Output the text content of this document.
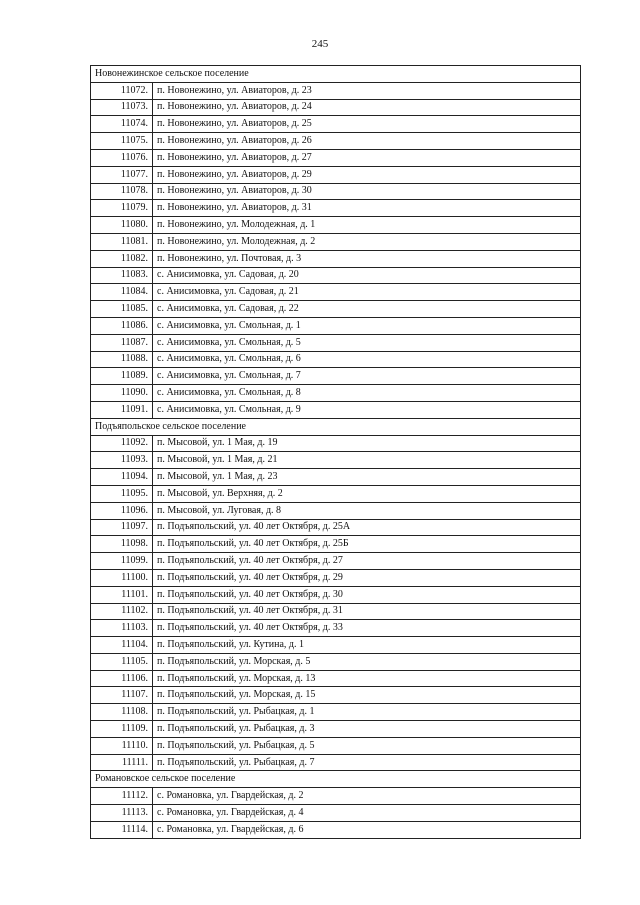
245
Новонежинское сельское поселение	
11072.	п. Новонежино, ул. Авиаторов, д. 23
11073.	п. Новонежино, ул. Авиаторов, д. 24
11074.	п. Новонежино, ул. Авиаторов, д. 25
11075.	п. Новонежино, ул. Авиаторов, д. 26
11076.	п. Новонежино, ул. Авиаторов, д. 27
11077.	п. Новонежино, ул. Авиаторов, д. 29
11078.	п. Новонежино, ул. Авиаторов, д. 30
11079.	п. Новонежино, ул. Авиаторов, д. 31
11080.	п. Новонежино, ул. Молодежная, д. 1
11081.	п. Новонежино, ул. Молодежная, д. 2
11082.	п. Новонежино, ул. Почтовая, д. 3
11083.	с. Анисимовка, ул. Садовая, д. 20
11084.	с. Анисимовка, ул. Садовая, д. 21
11085.	с. Анисимовка, ул. Садовая, д. 22
11086.	с. Анисимовка, ул. Смольная, д. 1
11087.	с. Анисимовка, ул. Смольная, д. 5
11088.	с. Анисимовка, ул. Смольная, д. 6
11089.	с. Анисимовка, ул. Смольная, д. 7
11090.	с. Анисимовка, ул. Смольная, д. 8
11091.	с. Анисимовка, ул. Смольная, д. 9
Подъяпольское сельское поселение	
11092.	п. Мысовой, ул. 1 Мая, д. 19
11093.	п. Мысовой, ул. 1 Мая, д. 21
11094.	п. Мысовой, ул. 1 Мая, д. 23
11095.	п. Мысовой, ул. Верхняя, д. 2
11096.	п. Мысовой, ул. Луговая, д. 8
11097.	п. Подъяпольский, ул. 40 лет Октября, д. 25А
11098.	п. Подъяпольский, ул. 40 лет Октября, д. 25Б
11099.	п. Подъяпольский, ул. 40 лет Октября, д. 27
11100.	п. Подъяпольский, ул. 40 лет Октября, д. 29
11101.	п. Подъяпольский, ул. 40 лет Октября, д. 30
11102.	п. Подъяпольский, ул. 40 лет Октября, д. 31
11103.	п. Подъяпольский, ул. 40 лет Октября, д. 33
11104.	п. Подъяпольский, ул. Кутина, д. 1
11105.	п. Подъяпольский, ул. Морская, д. 5
11106.	п. Подъяпольский, ул. Морская, д. 13
11107.	п. Подъяпольский, ул. Морская, д. 15
11108.	п. Подъяпольский, ул. Рыбацкая, д. 1
11109.	п. Подъяпольский, ул. Рыбацкая, д. 3
11110.	п. Подъяпольский, ул. Рыбацкая, д. 5
11111.	п. Подъяпольский, ул. Рыбацкая, д. 7
Романовское сельское поселение	
11112.	с. Романовка, ул. Гвардейская, д. 2
11113.	с. Романовка, ул. Гвардейская, д. 4
11114.	с. Романовка, ул. Гвардейская, д. 6
